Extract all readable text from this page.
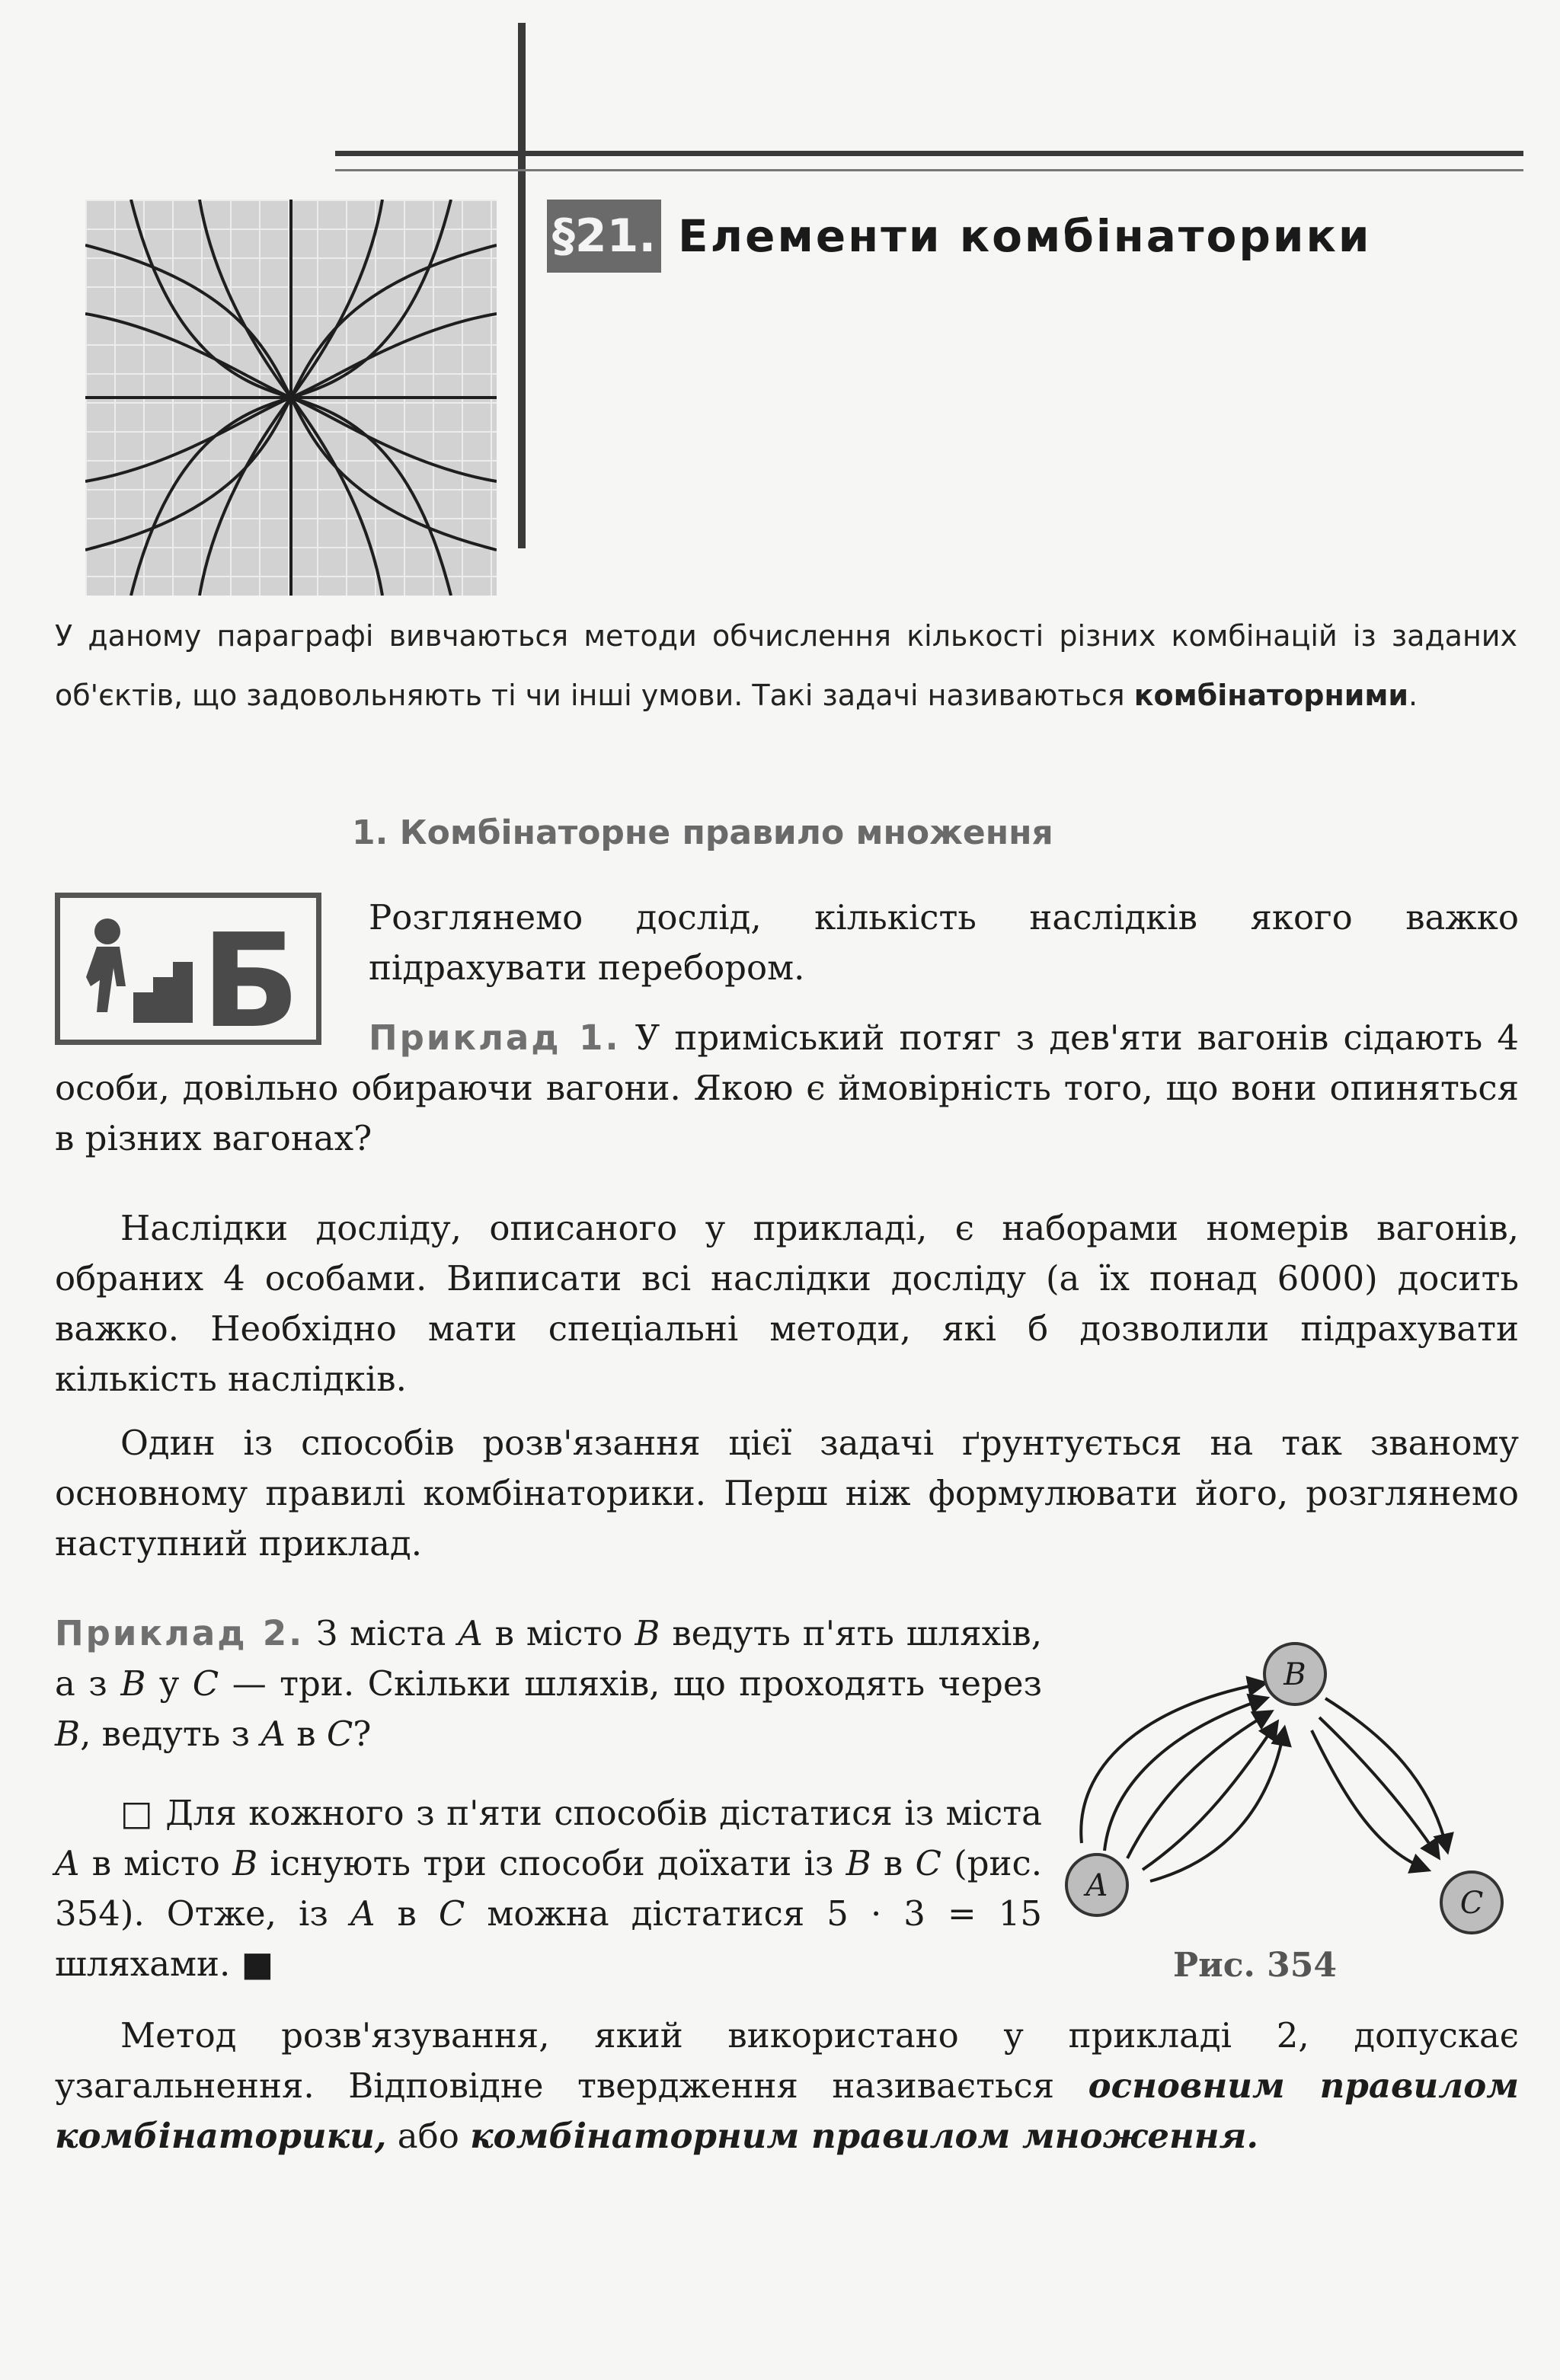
§21. Елементи комбінаторики
У даному параграфі вивчаються методи обчислення кількості різних комбінацій із заданих об'єктів, що задовольняють ті чи інші умови. Такі задачі називаються комбінаторними.
1. Комбінаторне правило множення
Б Розглянемо дослід, кількість наслідків якого важко підрахувати перебором.
Приклад 1. У приміський потяг з дев'яти вагонів сідають 4 особи, довільно обираючи вагони. Якою є ймовірність того, що вони опиняться в різних вагонах?
Наслідки досліду, описаного у прикладі, є наборами номерів вагонів, обраних 4 особами. Виписати всі наслідки досліду (а їх понад 6000) досить важко. Необхідно мати спеціальні методи, які б дозволили підрахувати кількість наслідків.
Один із способів розв'язання цієї задачі ґрунтується на так званому основному правилі комбінаторики. Перш ніж формулювати його, розглянемо наступний приклад.
Приклад 2. З міста A в місто B ведуть п'ять шляхів, а з B у C — три. Скільки шляхів, що проходять через B, ведуть з A в C?
□ Для кожного з п'яти способів дістатися із міста A в місто B існують три способи доїхати із B в C (рис. 354). Отже, із A в C можна дістатися 5 · 3 = 15 шляхами. ■
A
B
C
Рис. 354
Метод розв'язування, який використано у прикладі 2, допускає узагальнення. Відповідне твердження називається основним правилом комбінаторики, або комбінаторним правилом множення.
